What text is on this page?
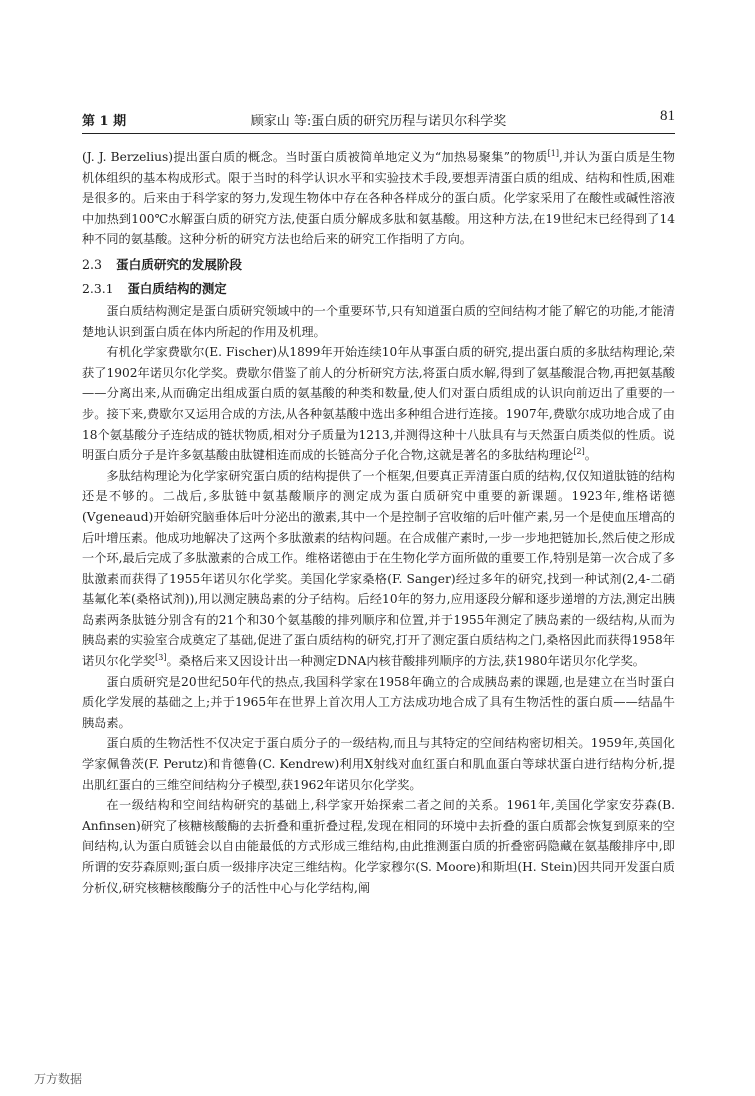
第 1 期	顾家山 等:蛋白质的研究历程与诺贝尔科学奖	81

(J. J. Berzelius)提出蛋白质的概念。当时蛋白质被简单地定义为“加热易聚集”的物质[1],并认为蛋白质是生物机体组织的基本构成形式。限于当时的科学认识水平和实验技术手段,要想弄清蛋白质的组成、结构和性质,困难是很多的。后来由于科学家的努力,发现生物体中存在各种各样成分的蛋白质。化学家采用了在酸性或碱性溶液中加热到100℃水解蛋白质的研究方法,使蛋白质分解成多肽和氨基酸。用这种方法,在19世纪末已经得到了14种不同的氨基酸。这种分析的研究方法也给后来的研究工作指明了方向。

2.3 蛋白质研究的发展阶段
2.3.1 蛋白质结构的测定

蛋白质结构测定是蛋白质研究领域中的一个重要环节,只有知道蛋白质的空间结构才能了解它的功能,才能清楚地认识到蛋白质在体内所起的作用及机理。

有机化学家费歇尔(E. Fischer)从1899年开始连续10年从事蛋白质的研究,提出蛋白质的多肽结构理论,荣获了1902年诺贝尔化学奖。费歇尔借鉴了前人的分析研究方法,将蛋白质水解,得到了氨基酸混合物,再把氨基酸——分离出来,从而确定出组成蛋白质的氨基酸的种类和数量,使人们对蛋白质组成的认识向前迈出了重要的一步。接下来,费歇尔又运用合成的方法,从各种氨基酸中选出多种组合进行连接。1907年,费歇尔成功地合成了由18个氨基酸分子连结成的链状物质,相对分子质量为1213,并测得这种十八肽具有与天然蛋白质类似的性质。说明蛋白质分子是许多氨基酸由肽键相连而成的长链高分子化合物,这就是著名的多肽结构理论[2]。

多肽结构理论为化学家研究蛋白质的结构提供了一个框架,但要真正弄清蛋白质的结构,仅仅知道肽链的结构还是不够的。二战后,多肽链中氨基酸顺序的测定成为蛋白质研究中重要的新课题。1923年,维格诺德(Vgeneaud)开始研究脑垂体后叶分泌出的激素,其中一个是控制子宫收缩的后叶催产素,另一个是使血压增高的后叶增压素。他成功地解决了这两个多肽激素的结构问题。在合成催产素时,一步一步地把链加长,然后使之形成一个环,最后完成了多肽激素的合成工作。维格诺德由于在生物化学方面所做的重要工作,特别是第一次合成了多肽激素而获得了1955年诺贝尔化学奖。美国化学家桑格(F. Sanger)经过多年的研究,找到一种试剂(2,4-二硝基氟化苯(桑格试剂)),用以测定胰岛素的分子结构。后经10年的努力,应用逐段分解和逐步递增的方法,测定出胰岛素两条肽链分别含有的21个和30个氨基酸的排列顺序和位置,并于1955年测定了胰岛素的一级结构,从而为胰岛素的实验室合成奠定了基础,促进了蛋白质结构的研究,打开了测定蛋白质结构之门,桑格因此而获得1958年诺贝尔化学奖[3]。桑格后来又因设计出一种测定DNA内核苷酸排列顺序的方法,获1980年诺贝尔化学奖。

蛋白质研究是20世纪50年代的热点,我国科学家在1958年确立的合成胰岛素的课题,也是建立在当时蛋白质化学发展的基础之上;并于1965年在世界上首次用人工方法成功地合成了具有生物活性的蛋白质——结晶牛胰岛素。

蛋白质的生物活性不仅决定于蛋白质分子的一级结构,而且与其特定的空间结构密切相关。1959年,英国化学家佩鲁茨(F. Perutz)和肯德鲁(C. Kendrew)利用X射线对血红蛋白和肌血蛋白等球状蛋白进行结构分析,提出肌红蛋白的三维空间结构分子模型,获1962年诺贝尔化学奖。

在一级结构和空间结构研究的基础上,科学家开始探索二者之间的关系。1961年,美国化学家安芬森(B. Anfinsen)研究了核糖核酸酶的去折叠和重折叠过程,发现在相同的环境中去折叠的蛋白质都会恢复到原来的空间结构,认为蛋白质链会以自由能最低的方式形成三维结构,由此推测蛋白质的折叠密码隐藏在氨基酸排序中,即所谓的安芬森原则;蛋白质一级排序决定三维结构。化学家穆尔(S. Moore)和斯坦(H. Stein)因共同开发蛋白质分析仪,研究核糖核酸酶分子的活性中心与化学结构,阐

万方数据
